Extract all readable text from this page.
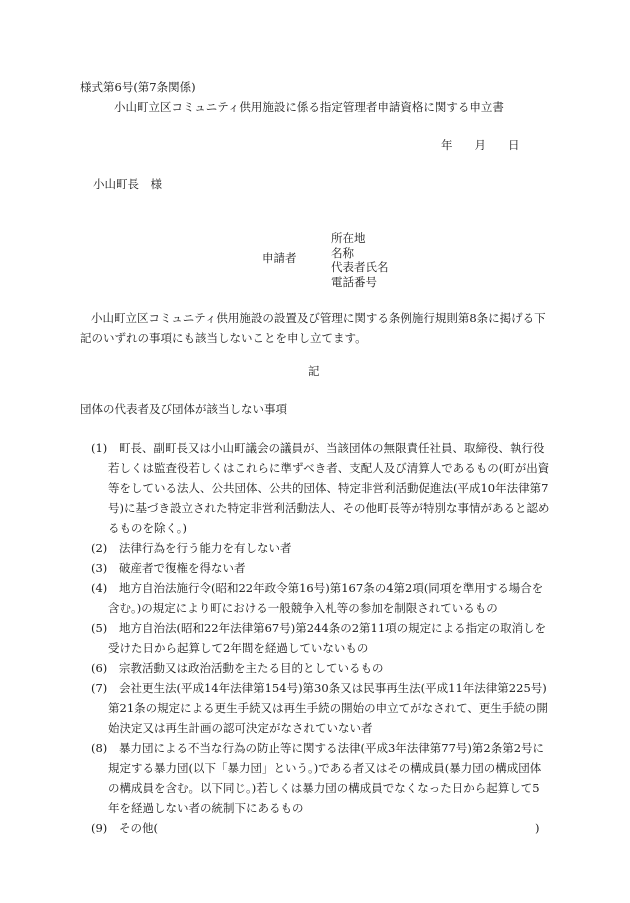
様式第6号(第7条関係)
小山町立区コミュニティ供用施設に係る指定管理者申請資格に関する申立書
年 月 日
小山町長　様
申請者
所在地
名称
代表者氏名
電話番号
小山町立区コミュニティ供用施設の設置及び管理に関する条例施行規則第8条に掲げる下記のいずれの事項にも該当しないことを申し立てます。
記
団体の代表者及び団体が該当しない事項
(1)	町長、副町長又は小山町議会の議員が、当該団体の無限責任社員、取締役、執行役若しくは監査役若しくはこれらに準ずべき者、支配人及び清算人であるもの(町が出資等をしている法人、公共団体、公共的団体、特定非営利活動促進法(平成10年法律第7号)に基づき設立された特定非営利活動法人、その他町長等が特別な事情があると認めるものを除く。)
(2)	法律行為を行う能力を有しない者
(3)	破産者で復権を得ない者
(4)	地方自治法施行令(昭和22年政令第16号)第167条の4第2項(同項を準用する場合を含む。)の規定により町における一般競争入札等の参加を制限されているもの
(5)	地方自治法(昭和22年法律第67号)第244条の2第11項の規定による指定の取消しを受けた日から起算して2年間を経過していないもの
(6)	宗教活動又は政治活動を主たる目的としているもの
(7)	会社更生法(平成14年法律第154号)第30条又は民事再生法(平成11年法律第225号)第21条の規定による更生手続又は再生手続の開始の申立てがなされて、更生手続の開始決定又は再生計画の認可決定がなされていない者
(8)	暴力団による不当な行為の防止等に関する法律(平成3年法律第77号)第2条第2号に規定する暴力団(以下「暴力団」という。)である者又はその構成員(暴力団の構成団体の構成員を含む。以下同じ。)若しくは暴力団の構成員でなくなった日から起算して5年を経過しない者の統制下にあるもの
(9) その他(	)
